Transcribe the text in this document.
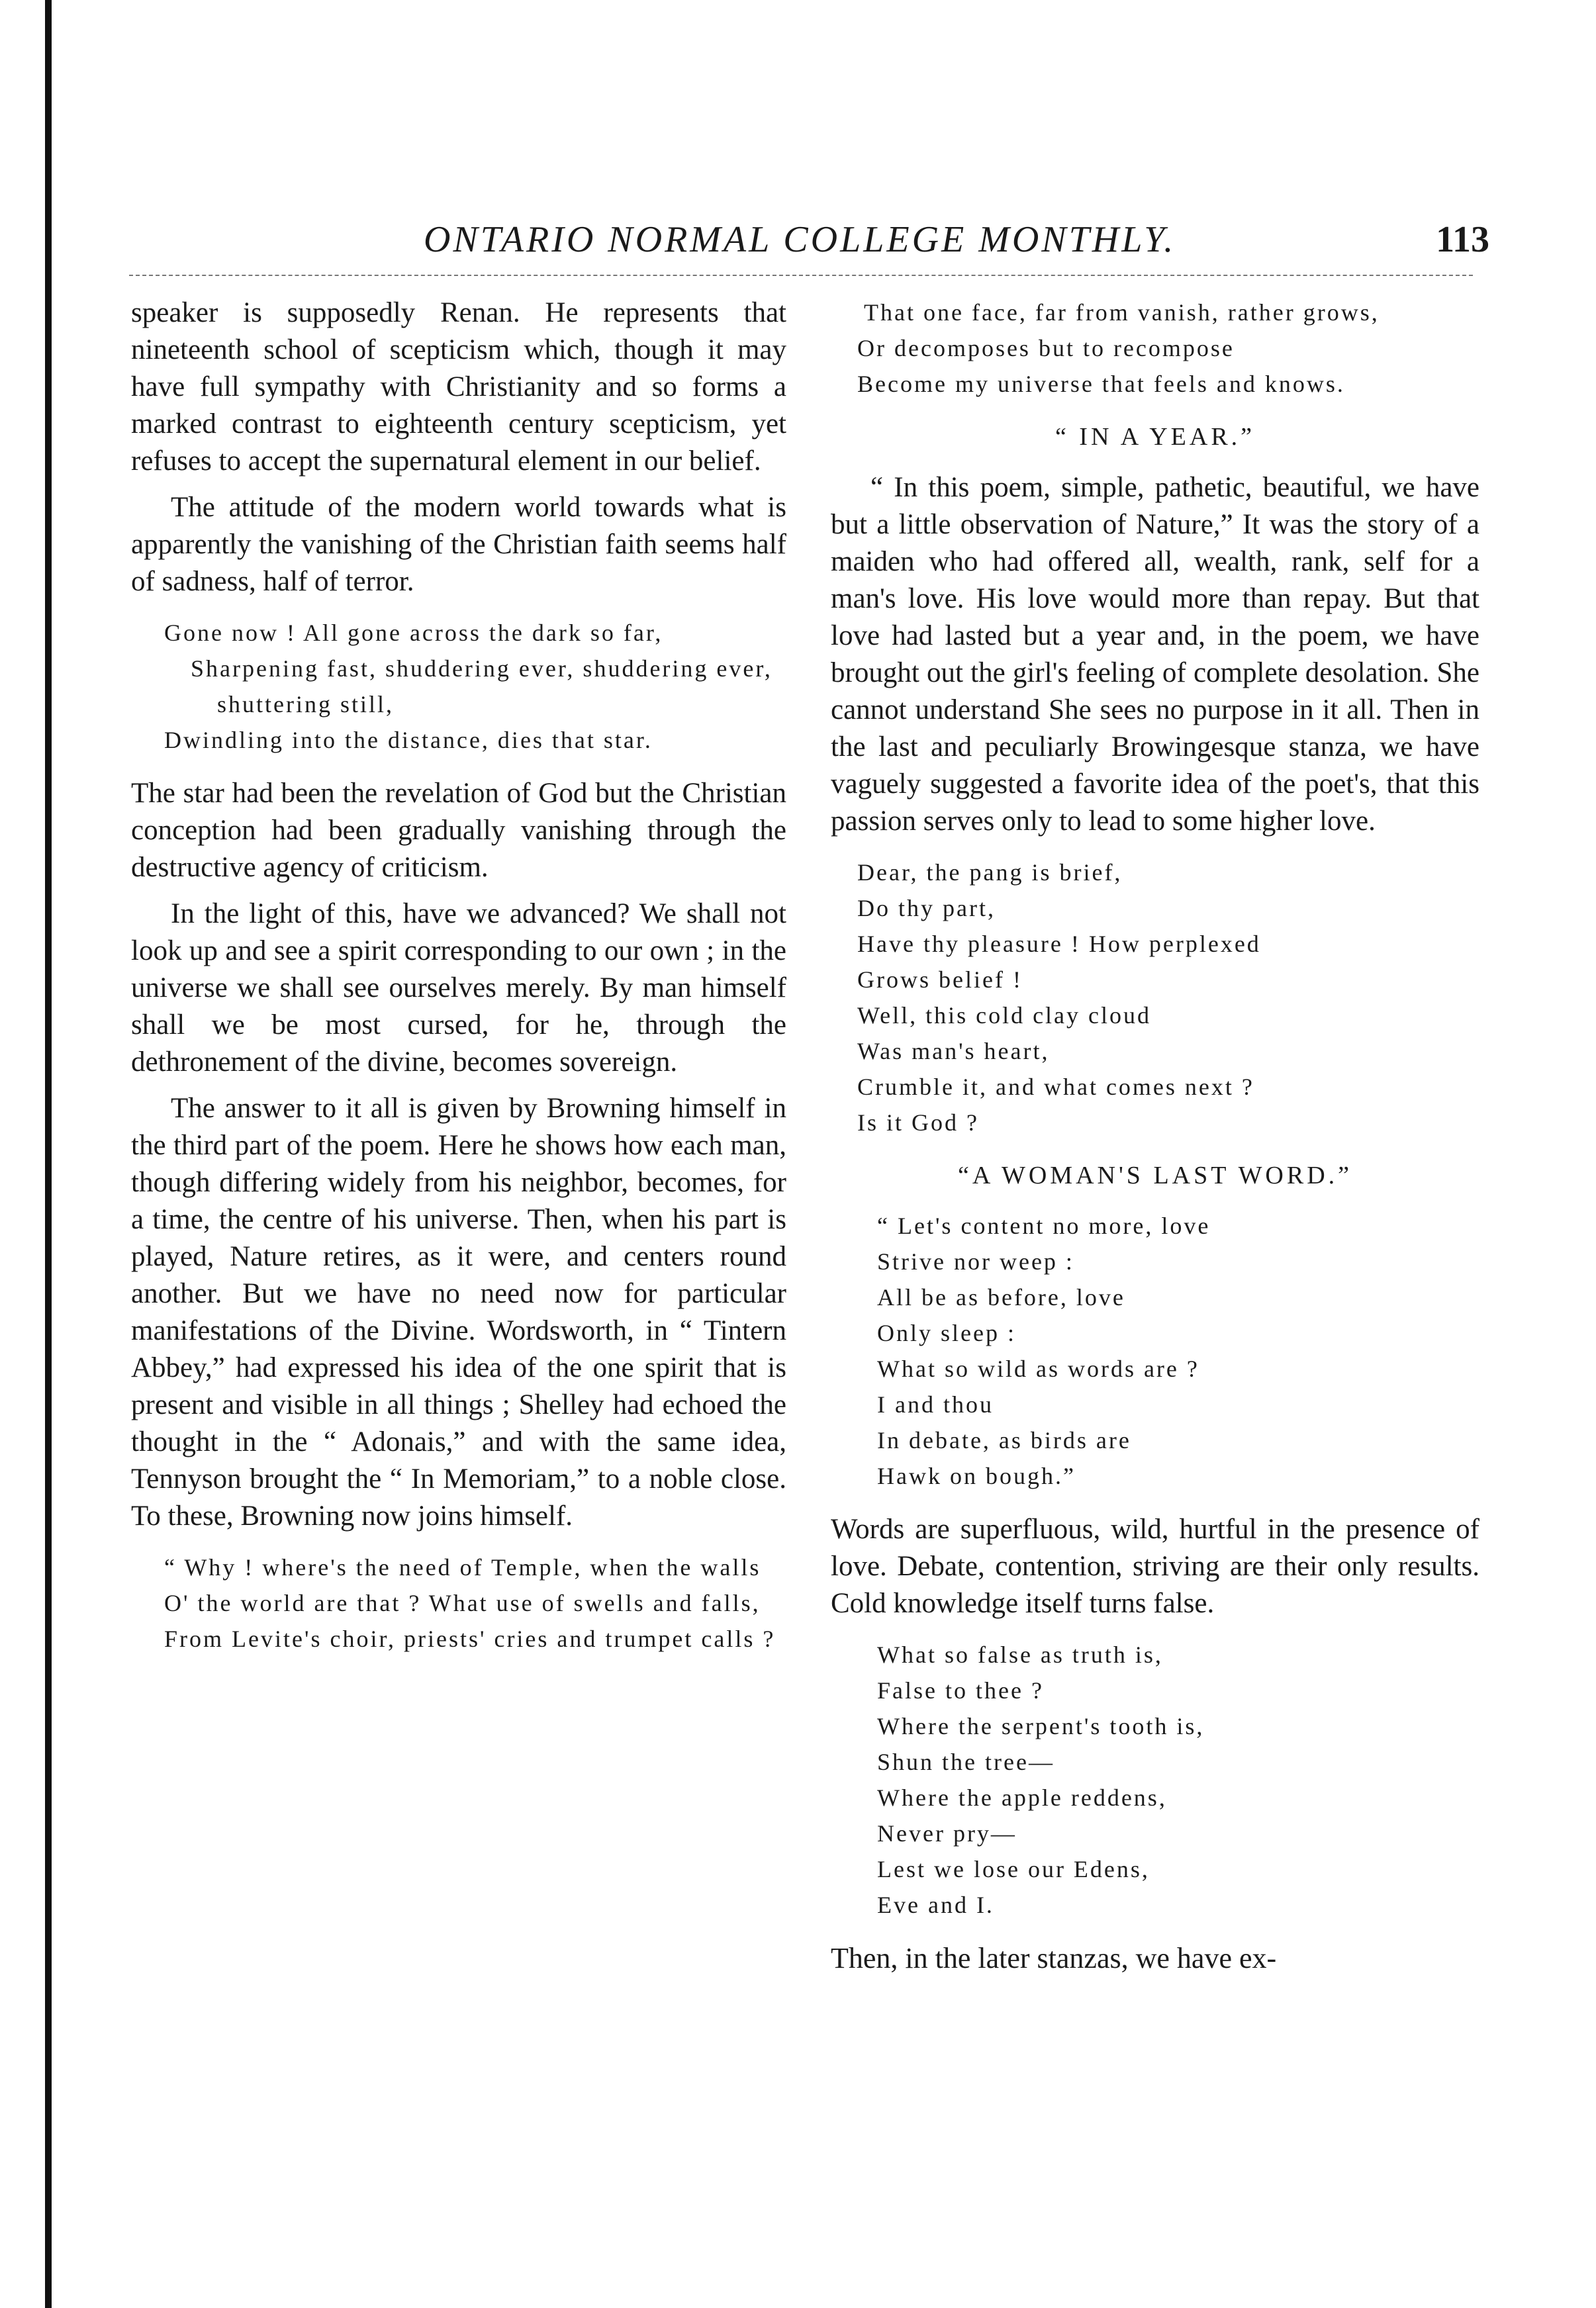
ONTARIO NORMAL COLLEGE MONTHLY.	113

speaker is supposedly Renan. He represents that nineteenth school of scepticism which, though it may have full sympathy with Christianity and so forms a marked contrast to eighteenth century scepticism, yet refuses to accept the supernatural element in our belief.

The attitude of the modern world towards what is apparently the vanishing of the Christian faith seems half of sadness, half of terror.

Gone now ! All gone across the dark so far,

Sharpening fast, shuddering ever, shuddering ever, shuttering still,

Dwindling into the distance, dies that star.

The star had been the revelation of God but the Christian conception had been gradually vanishing through the destructive agency of criticism.

In the light of this, have we advanced? We shall not look up and see a spirit corresponding to our own ; in the universe we shall see ourselves merely. By man himself shall we be most cursed, for he, through the dethronement of the divine, becomes sovereign.

The answer to it all is given by Browning himself in the third part of the poem. Here he shows how each man, though differing widely from his neighbor, becomes, for a time, the centre of his universe. Then, when his part is played, Nature retires, as it were, and centers round another. But we have no need now for particular manifestations of the Divine. Wordsworth, in “ Tintern Abbey,” had expressed his idea of the one spirit that is present and visible in all things ; Shelley had echoed the thought in the “ Adonais,” and with the same idea, Tennyson brought the “ In Memoriam,” to a noble close. To these, Browning now joins himself.

“ Why ! where's the need of Temple, when the walls

O' the world are that ? What use of swells and falls,

From Levite's choir, priests' cries and trumpet calls ?

That one face, far from vanish, rather grows,

Or decomposes but to recompose

Become my universe that feels and knows.

“ IN A YEAR.”

“ In this poem, simple, pathetic, beautiful, we have but a little observation of Nature,” It was the story of a maiden who had offered all, wealth, rank, self for a man's love. His love would more than repay. But that love had lasted but a year and, in the poem, we have brought out the girl's feeling of complete desolation. She cannot understand She sees no purpose in it all. Then in the last and peculiarly Browingesque stanza, we have vaguely suggested a favorite idea of the poet's, that this passion serves only to lead to some higher love.

Dear, the pang is brief,

Do thy part,

Have thy pleasure ! How perplexed

Grows belief !

Well, this cold clay cloud

Was man's heart,

Crumble it, and what comes next ?

Is it God ?

“A WOMAN'S LAST WORD.”

“ Let's content no more, love

Strive nor weep :

All be as before, love

Only sleep :

What so wild as words are ?

I and thou

In debate, as birds are

Hawk on bough.”

Words are superfluous, wild, hurtful in the presence of love. Debate, contention, striving are their only results. Cold knowledge itself turns false.

What so false as truth is,

False to thee ?

Where the serpent's tooth is,

Shun the tree—

Where the apple reddens,

Never pry—

Lest we lose our Edens,

Eve and I.

Then, in the later stanzas, we have ex-
